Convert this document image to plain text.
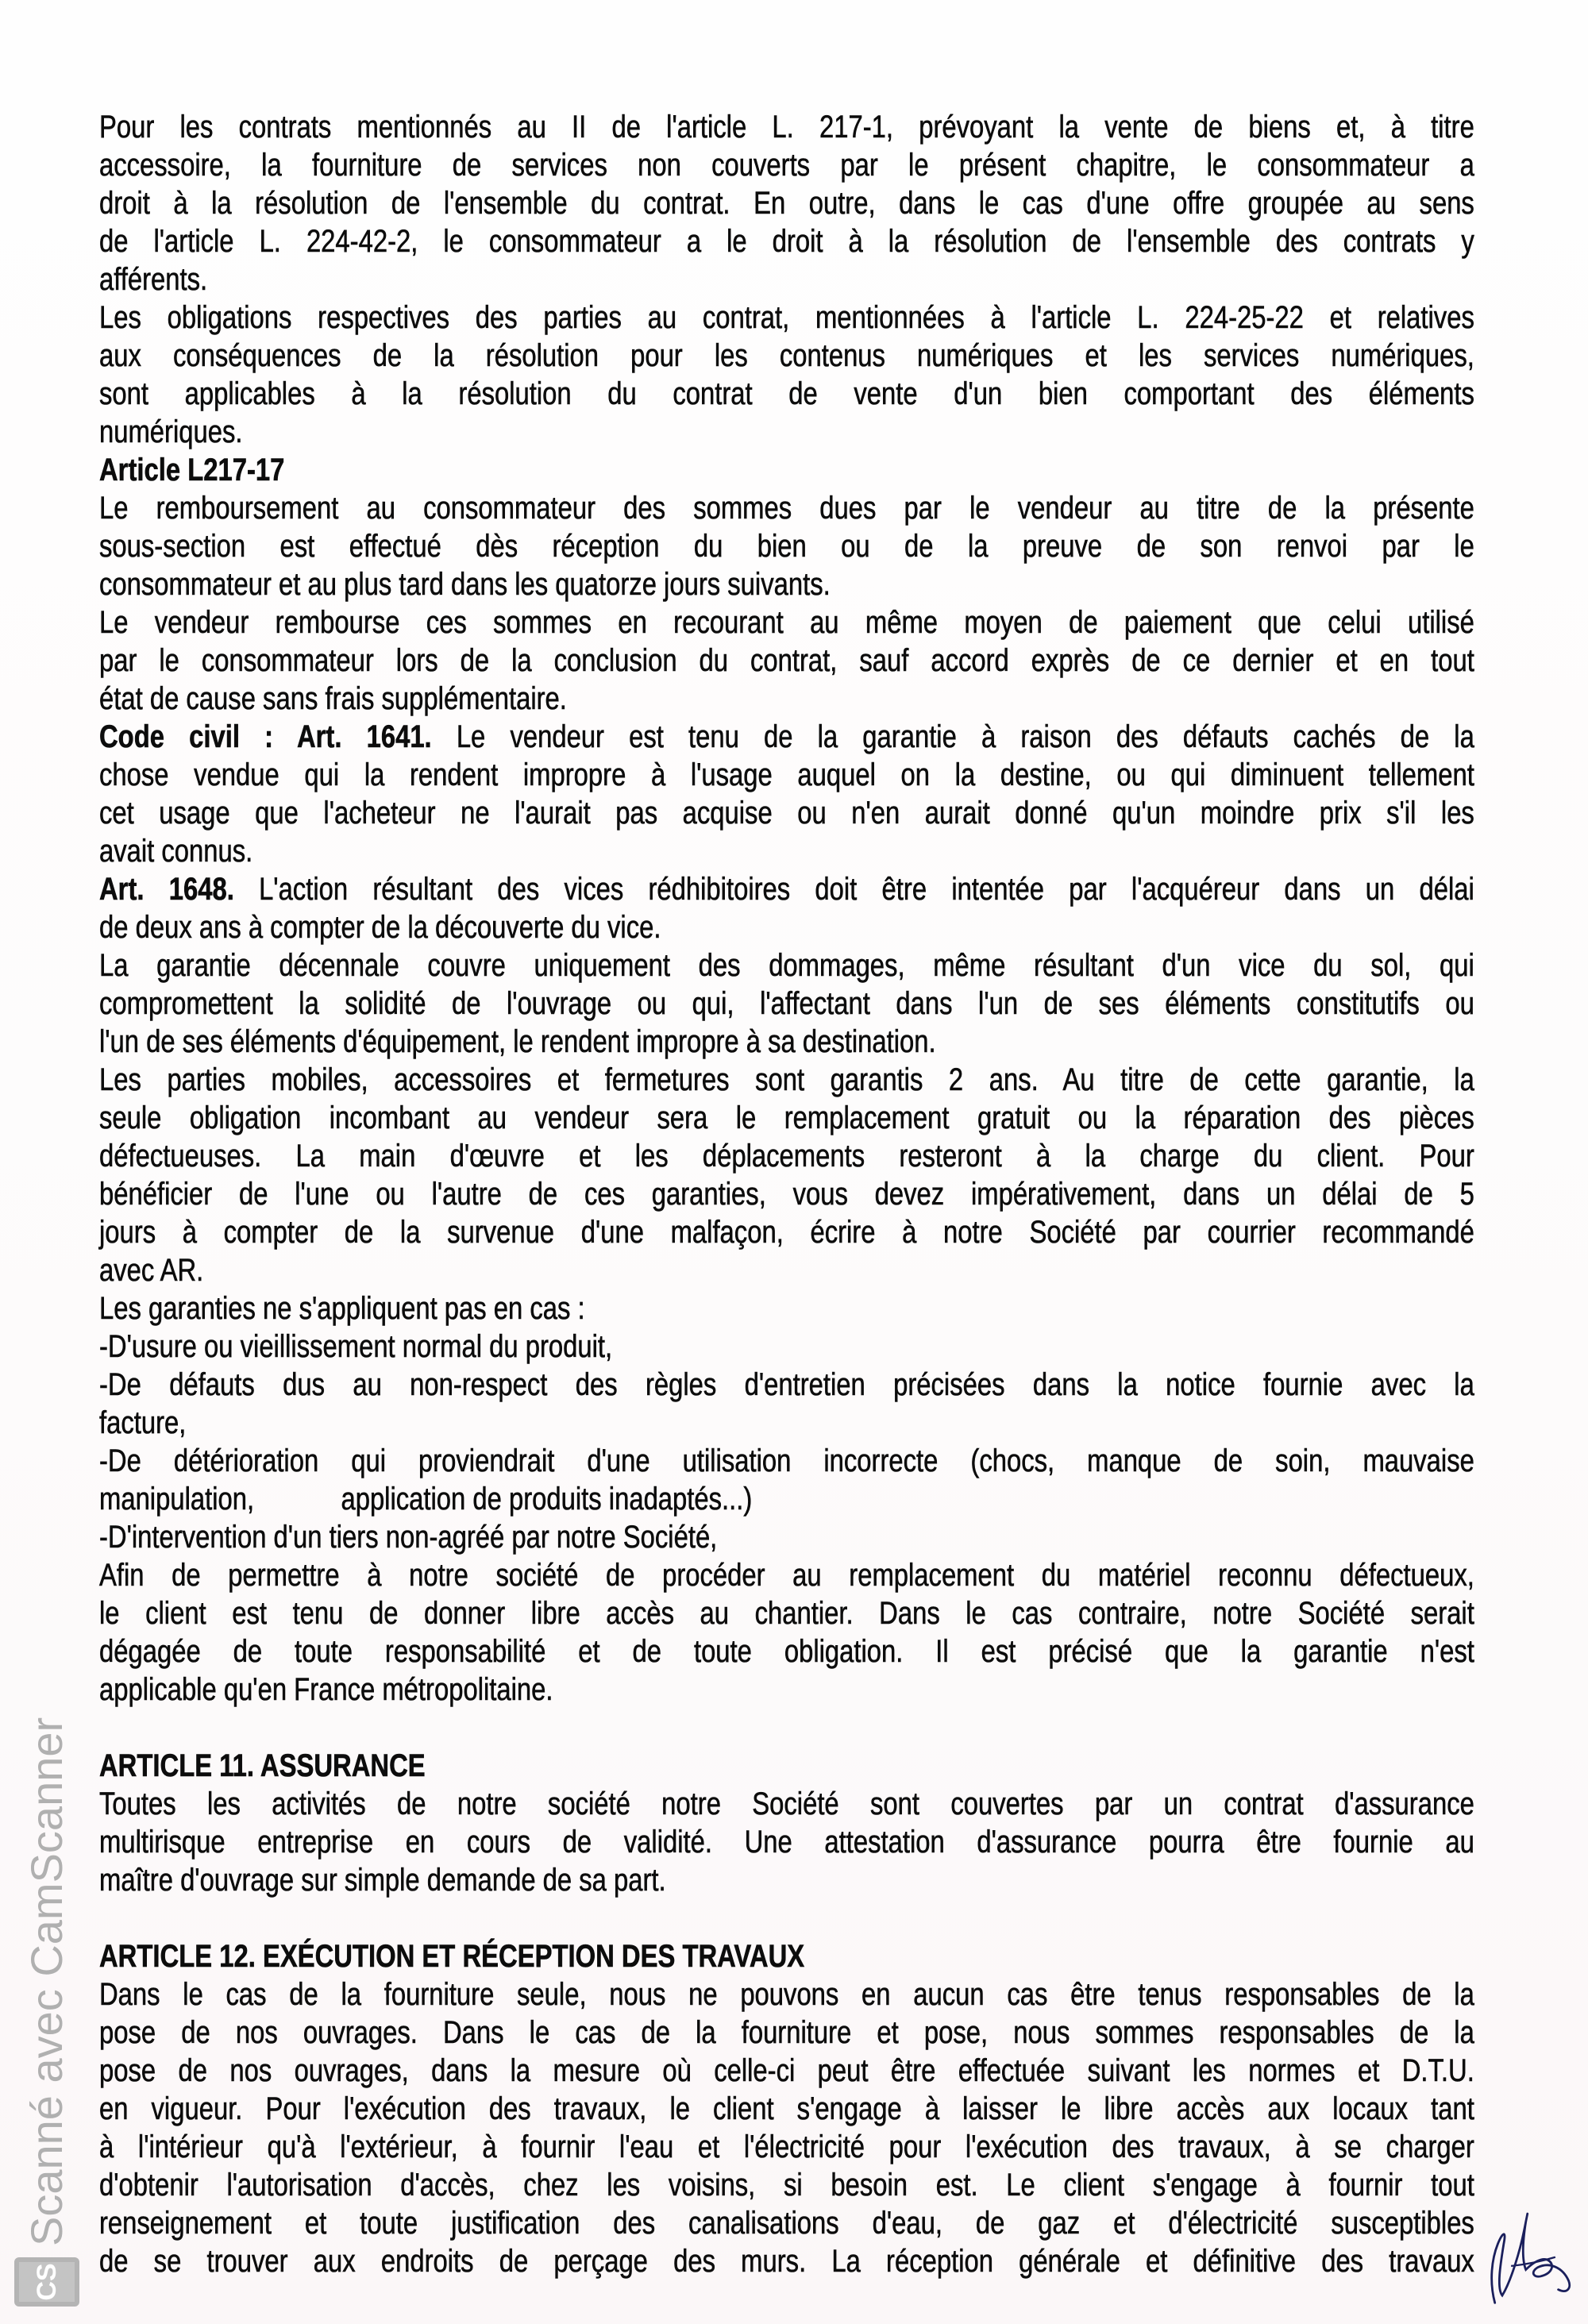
Pour les contrats mentionnés au II de l'article L. 217-1, prévoyant la vente de biens et, à titre
accessoire, la fourniture de services non couverts par le présent chapitre, le consommateur a
droit à la résolution de l'ensemble du contrat. En outre, dans le cas d'une offre groupée au sens
de l'article L. 224-42-2, le consommateur a le droit à la résolution de l'ensemble des contrats y
afférents.
Les obligations respectives des parties au contrat, mentionnées à l'article L. 224-25-22 et relatives
aux conséquences de la résolution pour les contenus numériques et les services numériques,
sont applicables à la résolution du contrat de vente d'un bien comportant des éléments
numériques.
Article L217-17
Le remboursement au consommateur des sommes dues par le vendeur au titre de la présente
sous-section est effectué dès réception du bien ou de la preuve de son renvoi par le
consommateur et au plus tard dans les quatorze jours suivants.
Le vendeur rembourse ces sommes en recourant au même moyen de paiement que celui utilisé
par le consommateur lors de la conclusion du contrat, sauf accord exprès de ce dernier et en tout
état de cause sans frais supplémentaire.
Code civil : Art. 1641. Le vendeur est tenu de la garantie à raison des défauts cachés de la
chose vendue qui la rendent impropre à l'usage auquel on la destine, ou qui diminuent tellement
cet usage que l'acheteur ne l'aurait pas acquise ou n'en aurait donné qu'un moindre prix s'il les
avait connus.
Art. 1648. L'action résultant des vices rédhibitoires doit être intentée par l'acquéreur dans un délai
de deux ans à compter de la découverte du vice.
La garantie décennale couvre uniquement des dommages, même résultant d'un vice du sol, qui
compromettent la solidité de l'ouvrage ou qui, l'affectant dans l'un de ses éléments constitutifs ou
l'un de ses éléments d'équipement, le rendent impropre à sa destination.
Les parties mobiles, accessoires et fermetures sont garantis 2 ans. Au titre de cette garantie, la
seule obligation incombant au vendeur sera le remplacement gratuit ou la réparation des pièces
défectueuses. La main d'œuvre et les déplacements resteront à la charge du client. Pour
bénéficier de l'une ou l'autre de ces garanties, vous devez impérativement, dans un délai de 5
jours à compter de la survenue d'une malfaçon, écrire à notre Société par courrier recommandé
avec AR.
Les garanties ne s'appliquent pas en cas :
-D'usure ou vieillissement normal du produit,
-De défauts dus au non-respect des règles d'entretien précisées dans la notice fournie avec la
facture,
-De détérioration qui proviendrait d'une utilisation incorrecte (chocs, manque de soin, mauvaise
manipulation,            application de produits inadaptés...)
-D'intervention d'un tiers non-agréé par notre Société,
Afin de permettre à notre société de procéder au remplacement du matériel reconnu défectueux,
le client est tenu de donner libre accès au chantier. Dans le cas contraire, notre Société serait
dégagée de toute responsabilité et de toute obligation. Il est précisé que la garantie n'est
applicable qu'en France métropolitaine.
ARTICLE 11. ASSURANCE
Toutes les activités de notre société notre Société sont couvertes par un contrat d'assurance
multirisque entreprise en cours de validité. Une attestation d'assurance pourra être fournie au
maître d'ouvrage sur simple demande de sa part.
ARTICLE 12. EXÉCUTION ET RÉCEPTION DES TRAVAUX
Dans le cas de la fourniture seule, nous ne pouvons en aucun cas être tenus responsables de la
pose de nos ouvrages. Dans le cas de la fourniture et pose, nous sommes responsables de la
pose de nos ouvrages, dans la mesure où celle-ci peut être effectuée suivant les normes et D.T.U.
en vigueur. Pour l'exécution des travaux, le client s'engage à laisser le libre accès aux locaux tant
à l'intérieur qu'à l'extérieur, à fournir l'eau et l'électricité pour l'exécution des travaux, à se charger
d'obtenir l'autorisation d'accès, chez les voisins, si besoin est. Le client s'engage à fournir tout
renseignement et toute justification des canalisations d'eau, de gaz et d'électricité susceptibles
de se trouver aux endroits de perçage des murs. La réception générale et définitive des travaux
CS
Scanné avec CamScanner
